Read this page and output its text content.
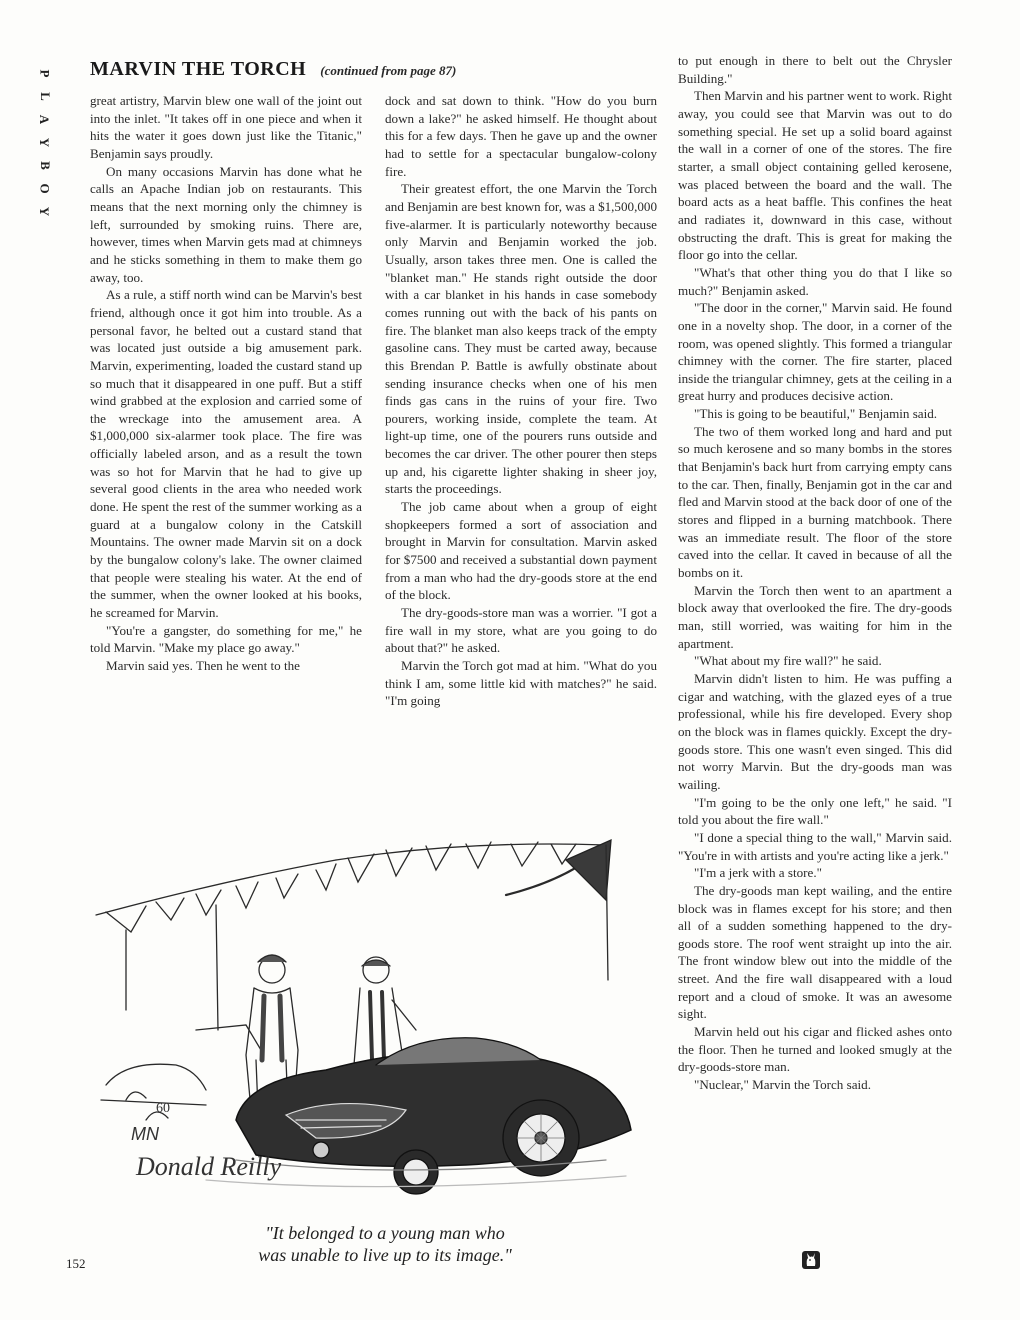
P
L
A
Y
B
O
Y
MARVIN THE TORCH (continued from page 87)

great artistry, Marvin blew one wall of the joint out into the inlet. "It takes off in one piece and when it hits the water it goes down just like the Titanic," Benjamin says proudly.

On many occasions Marvin has done what he calls an Apache Indian job on restaurants. This means that the next morning only the chimney is left, surrounded by smoking ruins. There are, however, times when Marvin gets mad at chimneys and he sticks something in them to make them go away, too.

As a rule, a stiff north wind can be Marvin's best friend, although once it got him into trouble. As a personal favor, he belted out a custard stand that was located just outside a big amusement park. Marvin, experimenting, loaded the custard stand up so much that it disappeared in one puff. But a stiff wind grabbed at the explosion and carried some of the wreckage into the amusement area. A $1,000,000 six-alarmer took place. The fire was officially labeled arson, and as a result the town was so hot for Marvin that he had to give up several good clients in the area who needed work done. He spent the rest of the summer working as a guard at a bungalow colony in the Catskill Mountains. The owner made Marvin sit on a dock by the bungalow colony's lake. The owner claimed that people were stealing his water. At the end of the summer, when the owner looked at his books, he screamed for Marvin.

"You're a gangster, do something for me," he told Marvin. "Make my place go away."

Marvin said yes. Then he went to the

dock and sat down to think. "How do you burn down a lake?" he asked himself. He thought about this for a few days. Then he gave up and the owner had to settle for a spectacular bungalow-colony fire.

Their greatest effort, the one Marvin the Torch and Benjamin are best known for, was a $1,500,000 five-alarmer. It is particularly noteworthy because only Marvin and Benjamin worked the job. Usually, arson takes three men. One is called the "blanket man." He stands right outside the door with a car blanket in his hands in case somebody comes running out with the back of his pants on fire. The blanket man also keeps track of the empty gasoline cans. They must be carted away, because this Brendan P. Battle is awfully obstinate about sending insurance checks when one of his men finds gas cans in the ruins of your fire. Two pourers, working inside, complete the team. At light-up time, one of the pourers runs outside and becomes the car driver. The other pourer then steps up and, his cigarette lighter shaking in sheer joy, starts the proceedings.

The job came about when a group of eight shopkeepers formed a sort of association and brought in Marvin for consultation. Marvin asked for $7500 and received a substantial down payment from a man who had the dry-goods store at the end of the block.

The dry-goods-store man was a worrier. "I got a fire wall in my store, what are you going to do about that?" he asked.

Marvin the Torch got mad at him. "What do you think I am, some little kid with matches?" he said. "I'm going

to put enough in there to belt out the Chrysler Building."

Then Marvin and his partner went to work. Right away, you could see that Marvin was out to do something special. He set up a solid board against the wall in a corner of one of the stores. The fire starter, a small object containing gelled kerosene, was placed between the board and the wall. The board acts as a heat baffle. This confines the heat and radiates it, downward in this case, without obstructing the draft. This is great for making the floor go into the cellar.

"What's that other thing you do that I like so much?" Benjamin asked.

"The door in the corner," Marvin said. He found one in a novelty shop. The door, in a corner of the room, was opened slightly. This formed a triangular chimney with the corner. The fire starter, placed inside the triangular chimney, gets at the ceiling in a great hurry and produces decisive action.

"This is going to be beautiful," Benjamin said.

The two of them worked long and hard and put so much kerosene and so many bombs in the stores that Benjamin's back hurt from carrying empty cans to the car. Then, finally, Benjamin got in the car and fled and Marvin stood at the back door of one of the stores and flipped in a burning matchbook. There was an immediate result. The floor of the store caved into the cellar. It caved in because of all the bombs on it.

Marvin the Torch then went to an apartment a block away that overlooked the fire. The dry-goods man, still worried, was waiting for him in the apartment.

"What about my fire wall?" he said.

Marvin didn't listen to him. He was puffing a cigar and watching, with the glazed eyes of a true professional, while his fire developed. Every shop on the block was in flames quickly. Except the dry-goods store. This one wasn't even singed. This did not worry Marvin. But the dry-goods man was wailing.

"I'm going to be the only one left," he said. "I told you about the fire wall."

"I done a special thing to the wall," Marvin said. "You're in with artists and you're acting like a jerk."

"I'm a jerk with a store."

The dry-goods man kept wailing, and the entire block was in flames except for his store; and then all of a sudden something happened to the dry-goods store. The roof went straight up into the air. The front window blew out into the middle of the street. And the fire wall disappeared with a loud report and a cloud of smoke. It was an awesome sight.

Marvin held out his cigar and flicked ashes onto the floor. Then he turned and looked smugly at the dry-goods-store man.

"Nuclear," Marvin the Torch said.

60
MN
Donald Reilly
"It belonged to a young man who
was unable to live up to its image."
152
